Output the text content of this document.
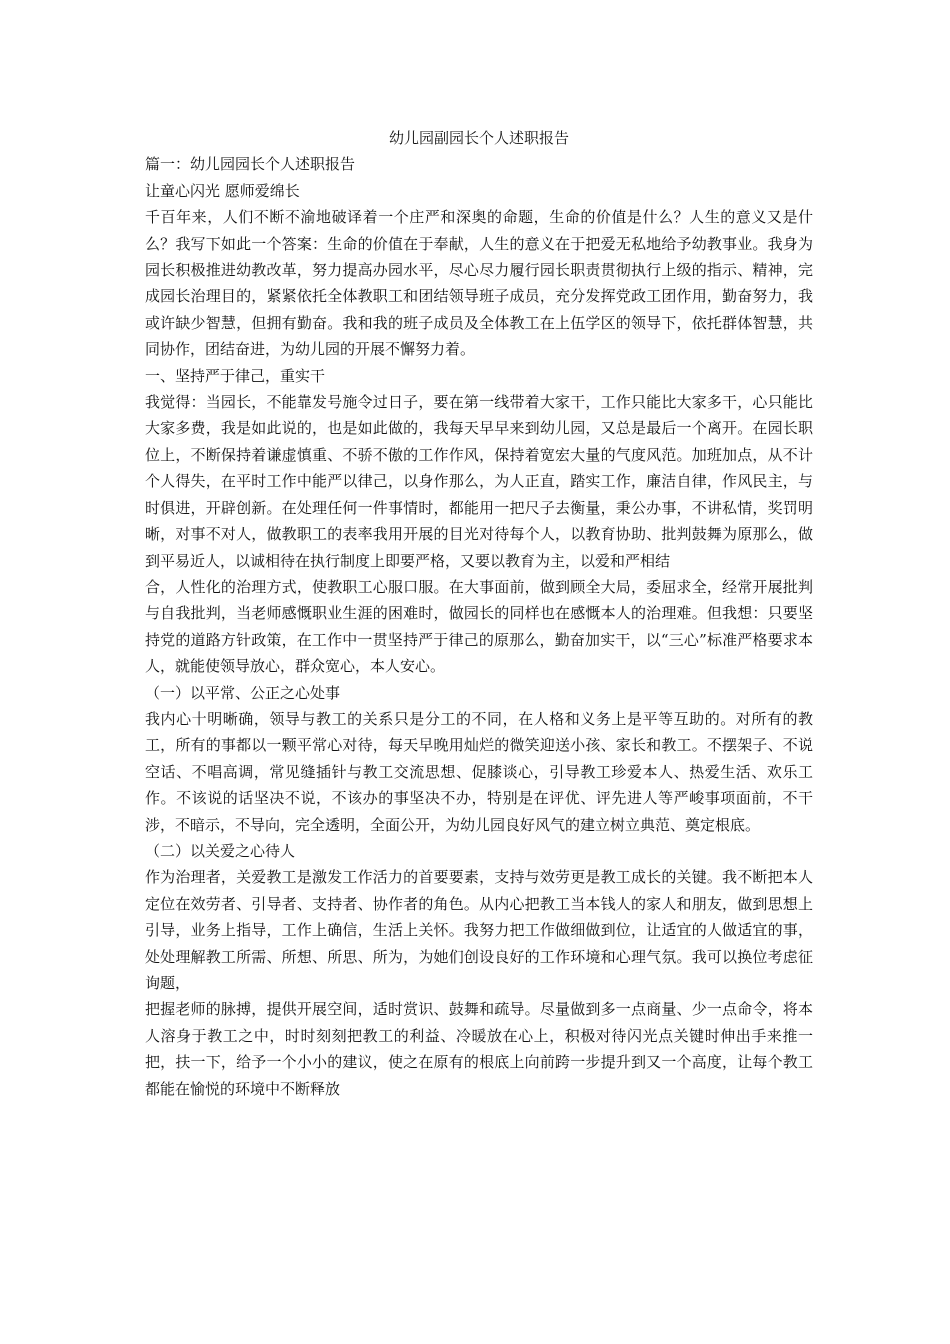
幼儿园副园长个人述职报告

篇一：幼儿园园长个人述职报告

让童心闪光 愿师爱绵长

千百年来，人们不断不渝地破译着一个庄严和深奥的命题，生命的价值是什么？人生的意义又是什么？我写下如此一个答案：生命的价值在于奉献，人生的意义在于把爱无私地给予幼教事业。我身为园长积极推进幼教改革，努力提高办园水平，尽心尽力履行园长职责贯彻执行上级的指示、精神，完成园长治理目的，紧紧依托全体教职工和团结领导班子成员，充分发挥党政工团作用，勤奋努力，我或许缺少智慧，但拥有勤奋。我和我的班子成员及全体教工在上伍学区的领导下，依托群体智慧，共同协作，团结奋进，为幼儿园的开展不懈努力着。

一、坚持严于律己，重实干

我觉得：当园长，不能靠发号施令过日子，要在第一线带着大家干，工作只能比大家多干，心只能比大家多费，我是如此说的，也是如此做的，我每天早早来到幼儿园，又总是最后一个离开。在园长职位上，不断保持着谦虚慎重、不骄不傲的工作作风，保持着宽宏大量的气度风范。加班加点，从不计个人得失，在平时工作中能严以律己，以身作那么，为人正直，踏实工作，廉洁自律，作风民主，与时俱进，开辟创新。在处理任何一件事情时，都能用一把尺子去衡量，秉公办事，不讲私情，奖罚明晰，对事不对人，做教职工的表率我用开展的目光对待每个人，以教育协助、批判鼓舞为原那么，做到平易近人，以诚相待在执行制度上即要严格，又要以教育为主，以爱和严相结

合，人性化的治理方式，使教职工心服口服。在大事面前，做到顾全大局，委屈求全，经常开展批判与自我批判，当老师感慨职业生涯的困难时，做园长的同样也在感慨本人的治理难。但我想：只要坚持党的道路方针政策，在工作中一贯坚持严于律己的原那么，勤奋加实干，以“三心”标准严格要求本人，就能使领导放心，群众宽心，本人安心。

（一）以平常、公正之心处事

我内心十明晰确，领导与教工的关系只是分工的不同，在人格和义务上是平等互助的。对所有的教工，所有的事都以一颗平常心对待，每天早晚用灿烂的微笑迎送小孩、家长和教工。不摆架子、不说空话、不唱高调，常见缝插针与教工交流思想、促膝谈心，引导教工珍爱本人、热爱生活、欢乐工作。不该说的话坚决不说，不该办的事坚决不办，特别是在评优、评先进人等严峻事项面前，不干涉，不暗示，不导向，完全透明，全面公开，为幼儿园良好风气的建立树立典范、奠定根底。

（二）以关爱之心待人

作为治理者，关爱教工是激发工作活力的首要要素，支持与效劳更是教工成长的关键。我不断把本人定位在效劳者、引导者、支持者、协作者的角色。从内心把教工当本钱人的家人和朋友，做到思想上引导，业务上指导，工作上确信，生活上关怀。我努力把工作做细做到位，让适宜的人做适宜的事，处处理解教工所需、所想、所思、所为，为她们创设良好的工作环境和心理气氛。我可以换位考虑征询题，

把握老师的脉搏，提供开展空间，适时赏识、鼓舞和疏导。尽量做到多一点商量、少一点命令，将本人溶身于教工之中，时时刻刻把教工的利益、冷暖放在心上，积极对待闪光点关键时伸出手来推一把，扶一下，给予一个小小的建议，使之在原有的根底上向前跨一步提升到又一个高度，让每个教工都能在愉悦的环境中不断释放
